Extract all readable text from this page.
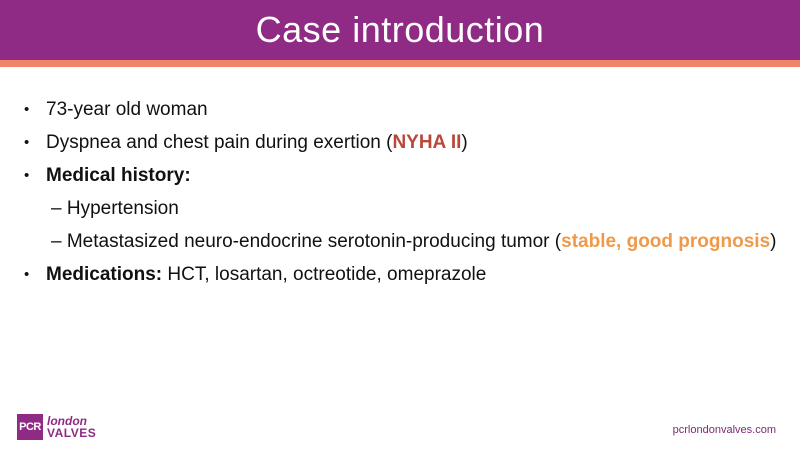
Case introduction
• 73-year old woman
• Dyspnea and chest pain during exertion (NYHA II)
• Medical history:
– Hypertension
– Metastasized neuro-endocrine serotonin-producing tumor (stable, good prognosis)
• Medications: HCT, losartan, octreotide, omeprazole
PCR london
VALVES	pcrlondonvalves.com
